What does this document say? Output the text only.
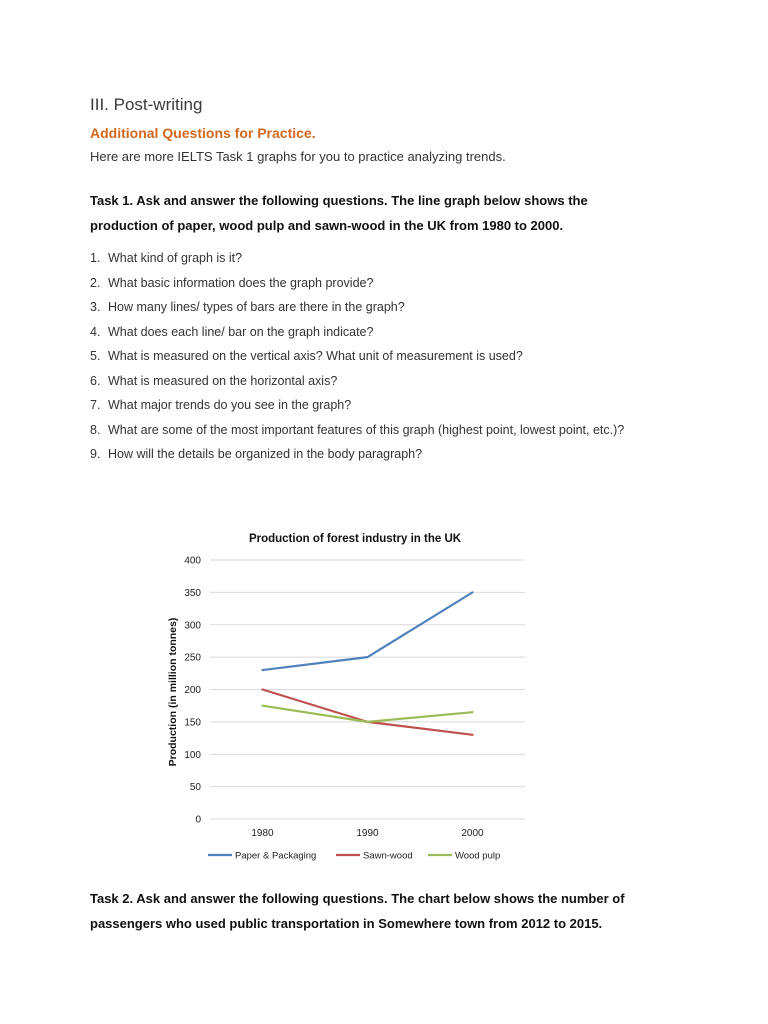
III. Post-writing
Additional Questions for Practice.
Here are more IELTS Task 1 graphs for you to practice analyzing trends.
Task 1. Ask and answer the following questions. The line graph below shows the
production of paper, wood pulp and sawn-wood in the UK from 1980 to 2000.
1. What kind of graph is it?
2. What basic information does the graph provide?
3. How many lines/ types of bars are there in the graph?
4. What does each line/ bar on the graph indicate?
5. What is measured on the vertical axis? What unit of measurement is used?
6. What is measured on the horizontal axis?
7. What major trends do you see in the graph?
8. What are some of the most important features of this graph (highest point, lowest point, etc.)?
9. How will the details be organized in the body paragraph?
Production of forest industry in the UK
Production (in million tonnes)
0
50
100
150
200
250
300
350
400
1980	1990	2000
Paper & Packaging	Sawn-wood	Wood pulp
Task 2. Ask and answer the following questions. The chart below shows the number of
passengers who used public transportation in Somewhere town from 2012 to 2015.
